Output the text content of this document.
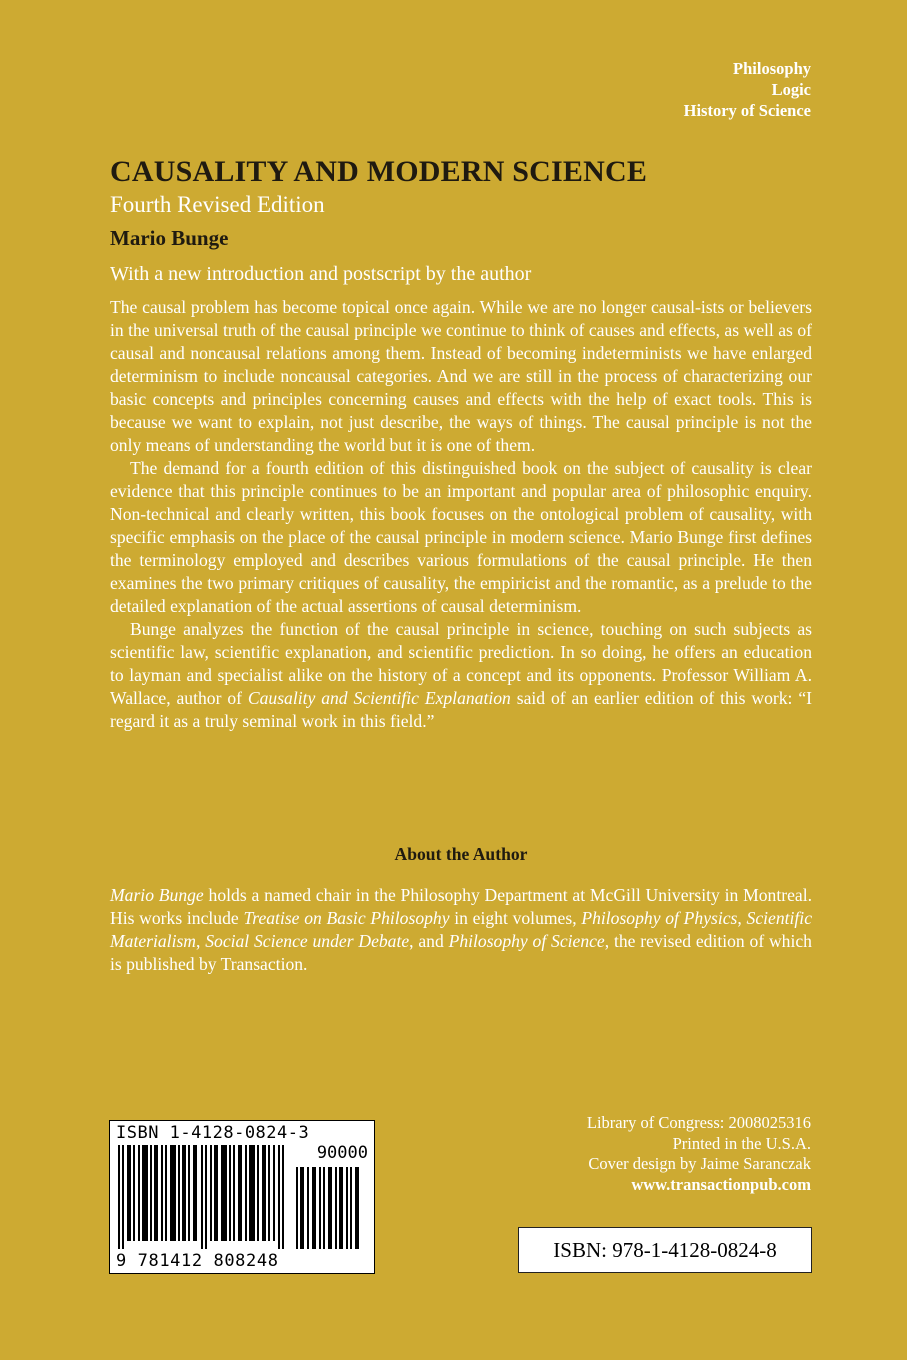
Philosophy
Logic
History of Science
CAUSALITY AND MODERN SCIENCE
Fourth Revised Edition
Mario Bunge
With a new introduction and postscript by the author

The causal problem has become topical once again. While we are no longer causal-ists or believers in the universal truth of the causal principle we continue to think of causes and effects, as well as of causal and noncausal relations among them. Instead of becoming indeterminists we have enlarged determinism to include noncausal categories. And we are still in the process of characterizing our basic concepts and principles concerning causes and effects with the help of exact tools. This is because we want to explain, not just describe, the ways of things. The causal principle is not the only means of understanding the world but it is one of them.

The demand for a fourth edition of this distinguished book on the subject of causality is clear evidence that this principle continues to be an important and popular area of philosophic enquiry. Non-technical and clearly written, this book focuses on the ontological problem of causality, with specific emphasis on the place of the causal principle in modern science. Mario Bunge first defines the terminology employed and describes various formulations of the causal principle. He then examines the two primary critiques of causality, the empiricist and the romantic, as a prelude to the detailed explanation of the actual assertions of causal determinism.

Bunge analyzes the function of the causal principle in science, touching on such subjects as scientific law, scientific explanation, and scientific prediction. In so doing, he offers an education to layman and specialist alike on the history of a concept and its opponents. Professor William A. Wallace, author of Causality and Scientific Explanation said of an earlier edition of this work: “I regard it as a truly seminal work in this field.”

About the Author

Mario Bunge holds a named chair in the Philosophy Department at McGill University in Montreal. His works include Treatise on Basic Philosophy in eight volumes, Philosophy of Physics, Scientific Materialism, Social Science under Debate, and Philosophy of Science, the revised edition of which is published by Transaction.

ISBN 1-4128-0824-3
90000
9 781412 808248
Library of Congress: 2008025316
Printed in the U.S.A.
Cover design by Jaime Saranczak
www.transactionpub.com
ISBN: 978-1-4128-0824-8
